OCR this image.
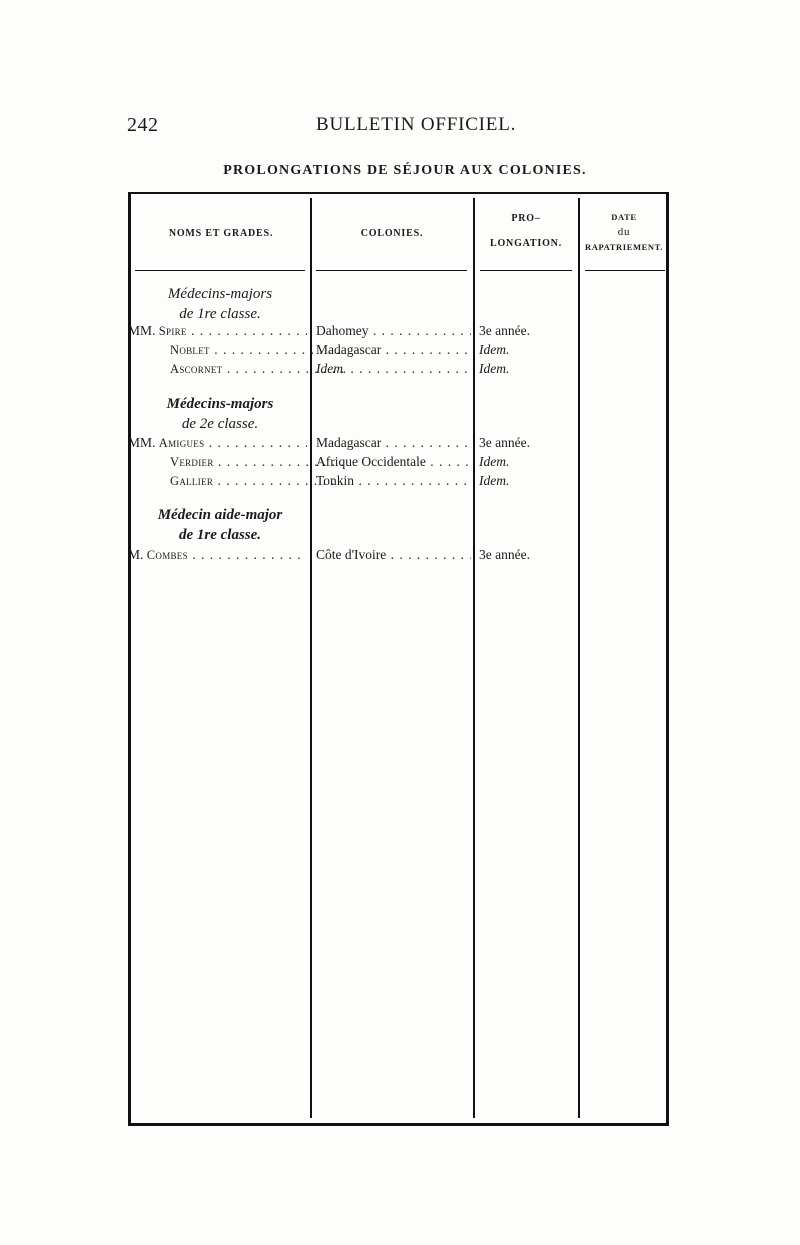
242	BULLETIN OFFICIEL.
PROLONGATIONS DE SÉJOUR AUX COLONIES.
NOMS ET GRADES.	COLONIES.
PRO–
LONGATION.
DATE
du
RAPATRIEMENT.
Médecins-majors
de 1re classe.
MM. Spire . . .	Dahomey . . .	3e année.
Noblet . . .	Madagascar . . .	Idem.
Ascornet . . .	Idem. . . .	Idem.
Médecins-majors
de 2e classe.
MM. Amigues . . .	Madagascar . . .	3e année.
Verdier . . .	Afrique Occidentale . . .	Idem.
Gallier . . .	Tonkin . . .	Idem.
Médecin aide-major
de 1re classe.
M. Combes . . .	Côte d'Ivoire . . .	3e année.
